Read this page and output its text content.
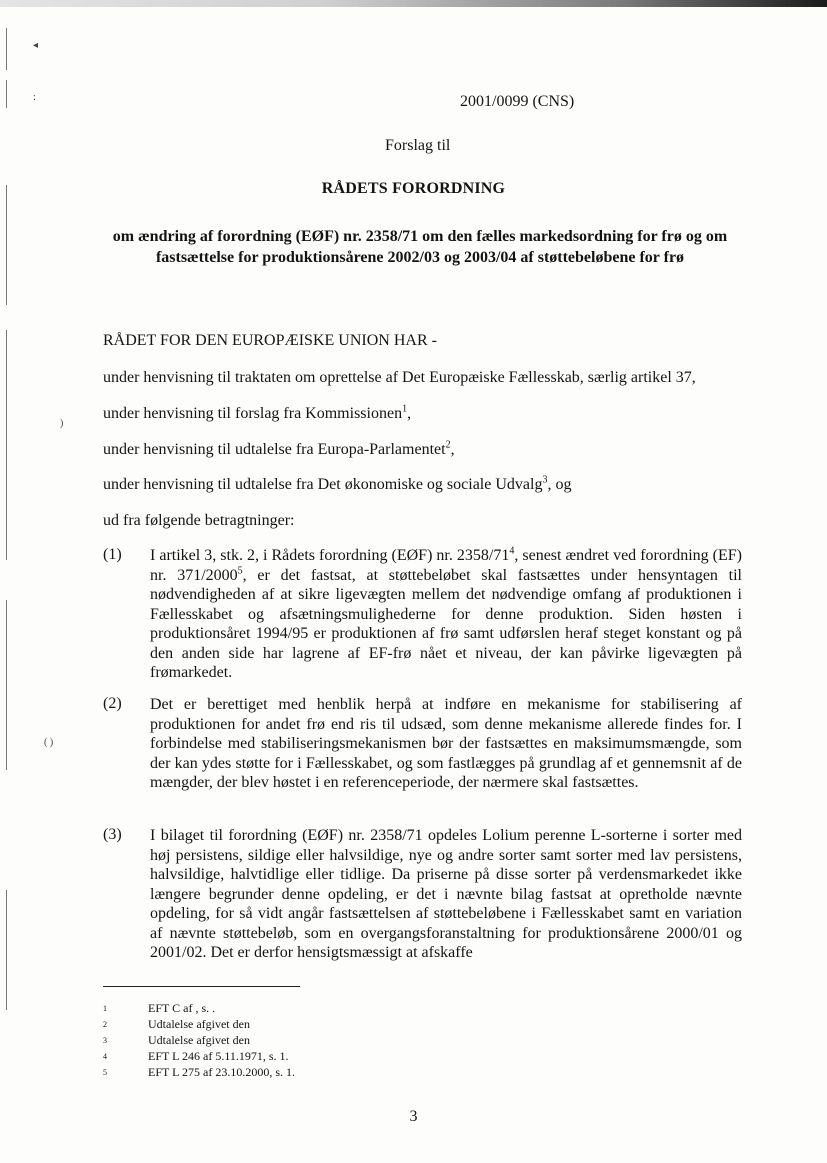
◂
:
)
( )

2001/0099 (CNS)

Forslag til

RÅDETS FORORDNING

om ændring af forordning (EØF) nr. 2358/71 om den fælles markedsordning for frø og om fastsættelse for produktionsårene 2002/03 og 2003/04 af støttebeløbene for frø

RÅDET FOR DEN EUROPÆISKE UNION HAR -

under henvisning til traktaten om oprettelse af Det Europæiske Fællesskab, særlig artikel 37,

under henvisning til forslag fra Kommissionen$^1$,

under henvisning til udtalelse fra Europa-Parlamentet$^2$,

under henvisning til udtalelse fra Det økonomiske og sociale Udvalg$^3$, og

ud fra følgende betragtninger:

(1) I artikel 3, stk. 2, i Rådets forordning (EØF) nr. $2358/71^4$, senest ændret ved forordning (EF) nr. 371/2000$^5$, er det fastsat, at støttebeløbet skal fastsættes under hensyntagen til nødvendigheden af at sikre ligevægten mellem det nødvendige omfang af produktionen i Fællesskabet og afsætningsmulighederne for denne produktion. Siden høsten i produktionsåret 1994/95 er produktionen af frø samt udførslen heraf steget konstant og på den anden side har lagrene af EF-frø nået et niveau, der kan påvirke ligevægten på frømarkedet.

(2) Det er berettiget med henblik herpå at indføre en mekanisme for stabilisering af produktionen for andet frø end ris til udsæd, som denne mekanisme allerede findes for. I forbindelse med stabiliseringsmekanismen bør der fastsættes en maksimumsmængde, som der kan ydes støtte for i Fællesskabet, og som fastlægges på grundlag af et gennemsnit af de mængder, der blev høstet i en referenceperiode, der nærmere skal fastsættes.

(3) I bilaget til forordning (EØF) nr. 2358/71 opdeles Lolium perenne L-sorterne i sorter med høj persistens, sildige eller halvsildige, nye og andre sorter samt sorter med lav persistens, halvsildige, halvtidlige eller tidlige. Da priserne på disse sorter på verdensmarkedet ikke længere begrunder denne opdeling, er det i nævnte bilag fastsat at opretholde nævnte opdeling, for så vidt angår fastsættelsen af støttebeløbene i Fællesskabet samt en variation af nævnte støttebeløb, som en overgangsforanstaltning for produktionsårene 2000/01 og 2001/02. Det er derfor hensigtsmæssigt at afskaffe

1	EFT C af , s. .
2	Udtalelse afgivet den
3	Udtalelse afgivet den
4	EFT L 246 af 5.11.1971, s. 1.
5	EFT L 275 af 23.10.2000, s. 1.

3
